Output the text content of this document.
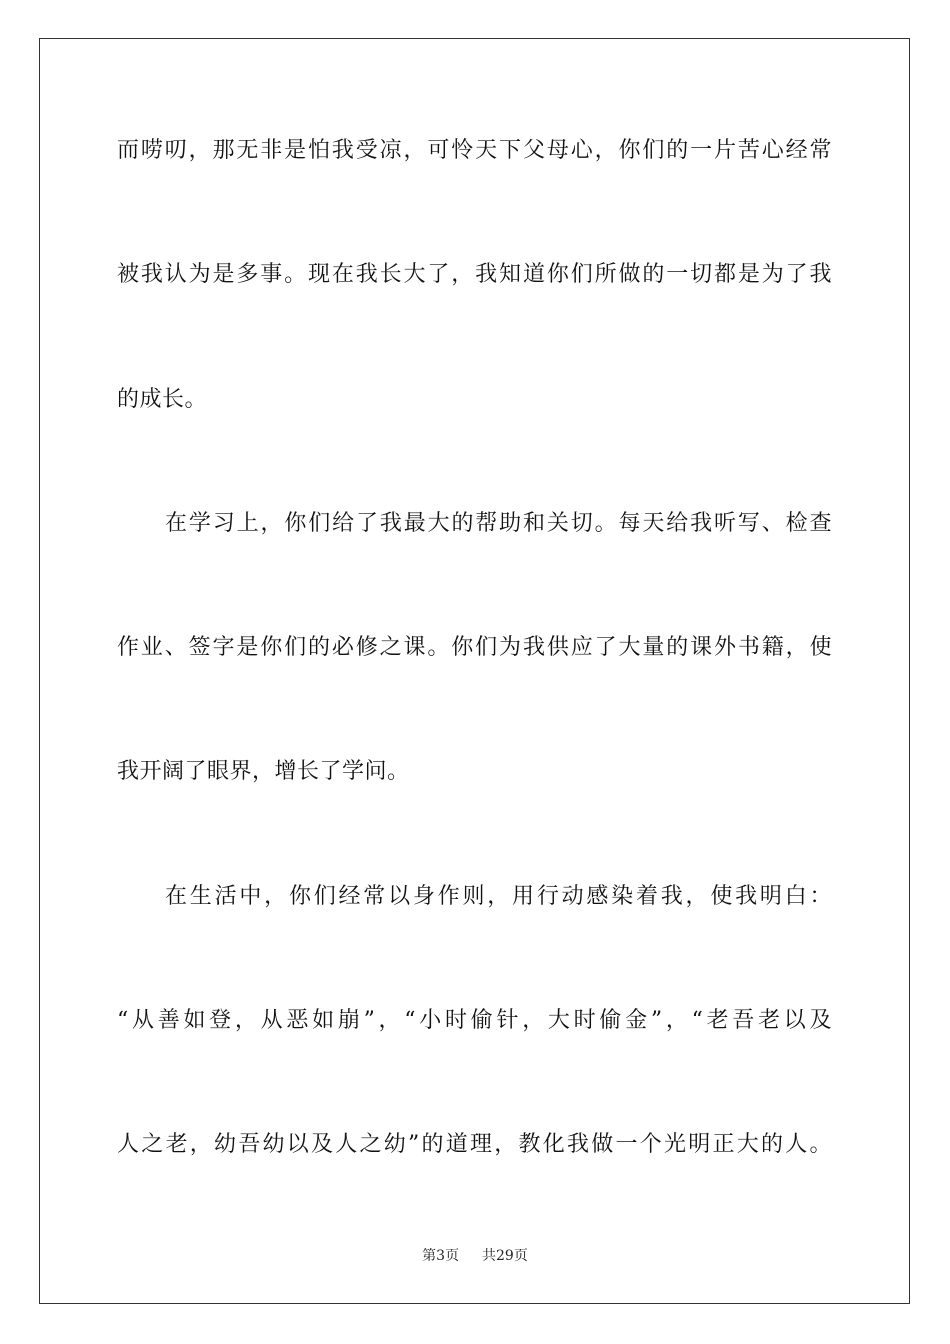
而唠叨，那无非是怕我受凉，可怜天下父母心，你们的一片苦心经常
被我认为是多事。现在我长大了，我知道你们所做的一切都是为了我
的成长。
在学习上，你们给了我最大的帮助和关切。每天给我听写、检查
作业、签字是你们的必修之课。你们为我供应了大量的课外书籍，使
我开阔了眼界，增长了学问。
在生活中，你们经常以身作则，用行动感染着我，使我明白：
“从善如登，从恶如崩”，“小时偷针，大时偷金”，“老吾老以及
人之老，幼吾幼以及人之幼”的道理，教化我做一个光明正大的人。
第3页 共29页
